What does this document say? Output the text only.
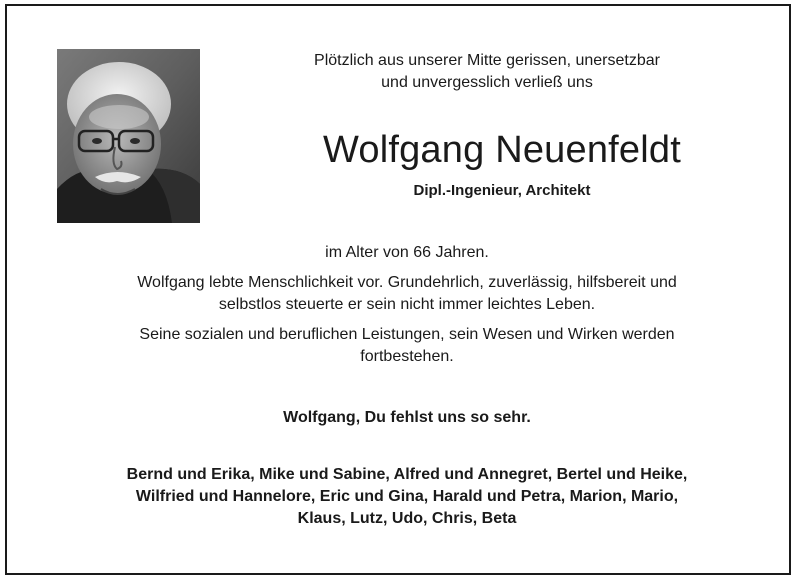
Plötzlich aus unserer Mitte gerissen, unersetzbar
und unvergesslich verließ uns
Wolfgang Neuenfeldt
Dipl.-Ingenieur, Architekt

im Alter von 66 Jahren.

Wolfgang lebte Menschlichkeit vor. Grundehrlich, zuverlässig, hilfsbereit und
selbstlos steuerte er sein nicht immer leichtes Leben.

Seine sozialen und beruflichen Leistungen, sein Wesen und Wirken werden
fortbestehen.

Wolfgang, Du fehlst uns so sehr.
Bernd und Erika, Mike und Sabine, Alfred und Annegret, Bertel und Heike,
Wilfried und Hannelore, Eric und Gina, Harald und Petra, Marion, Mario,
Klaus, Lutz, Udo, Chris, Beta
